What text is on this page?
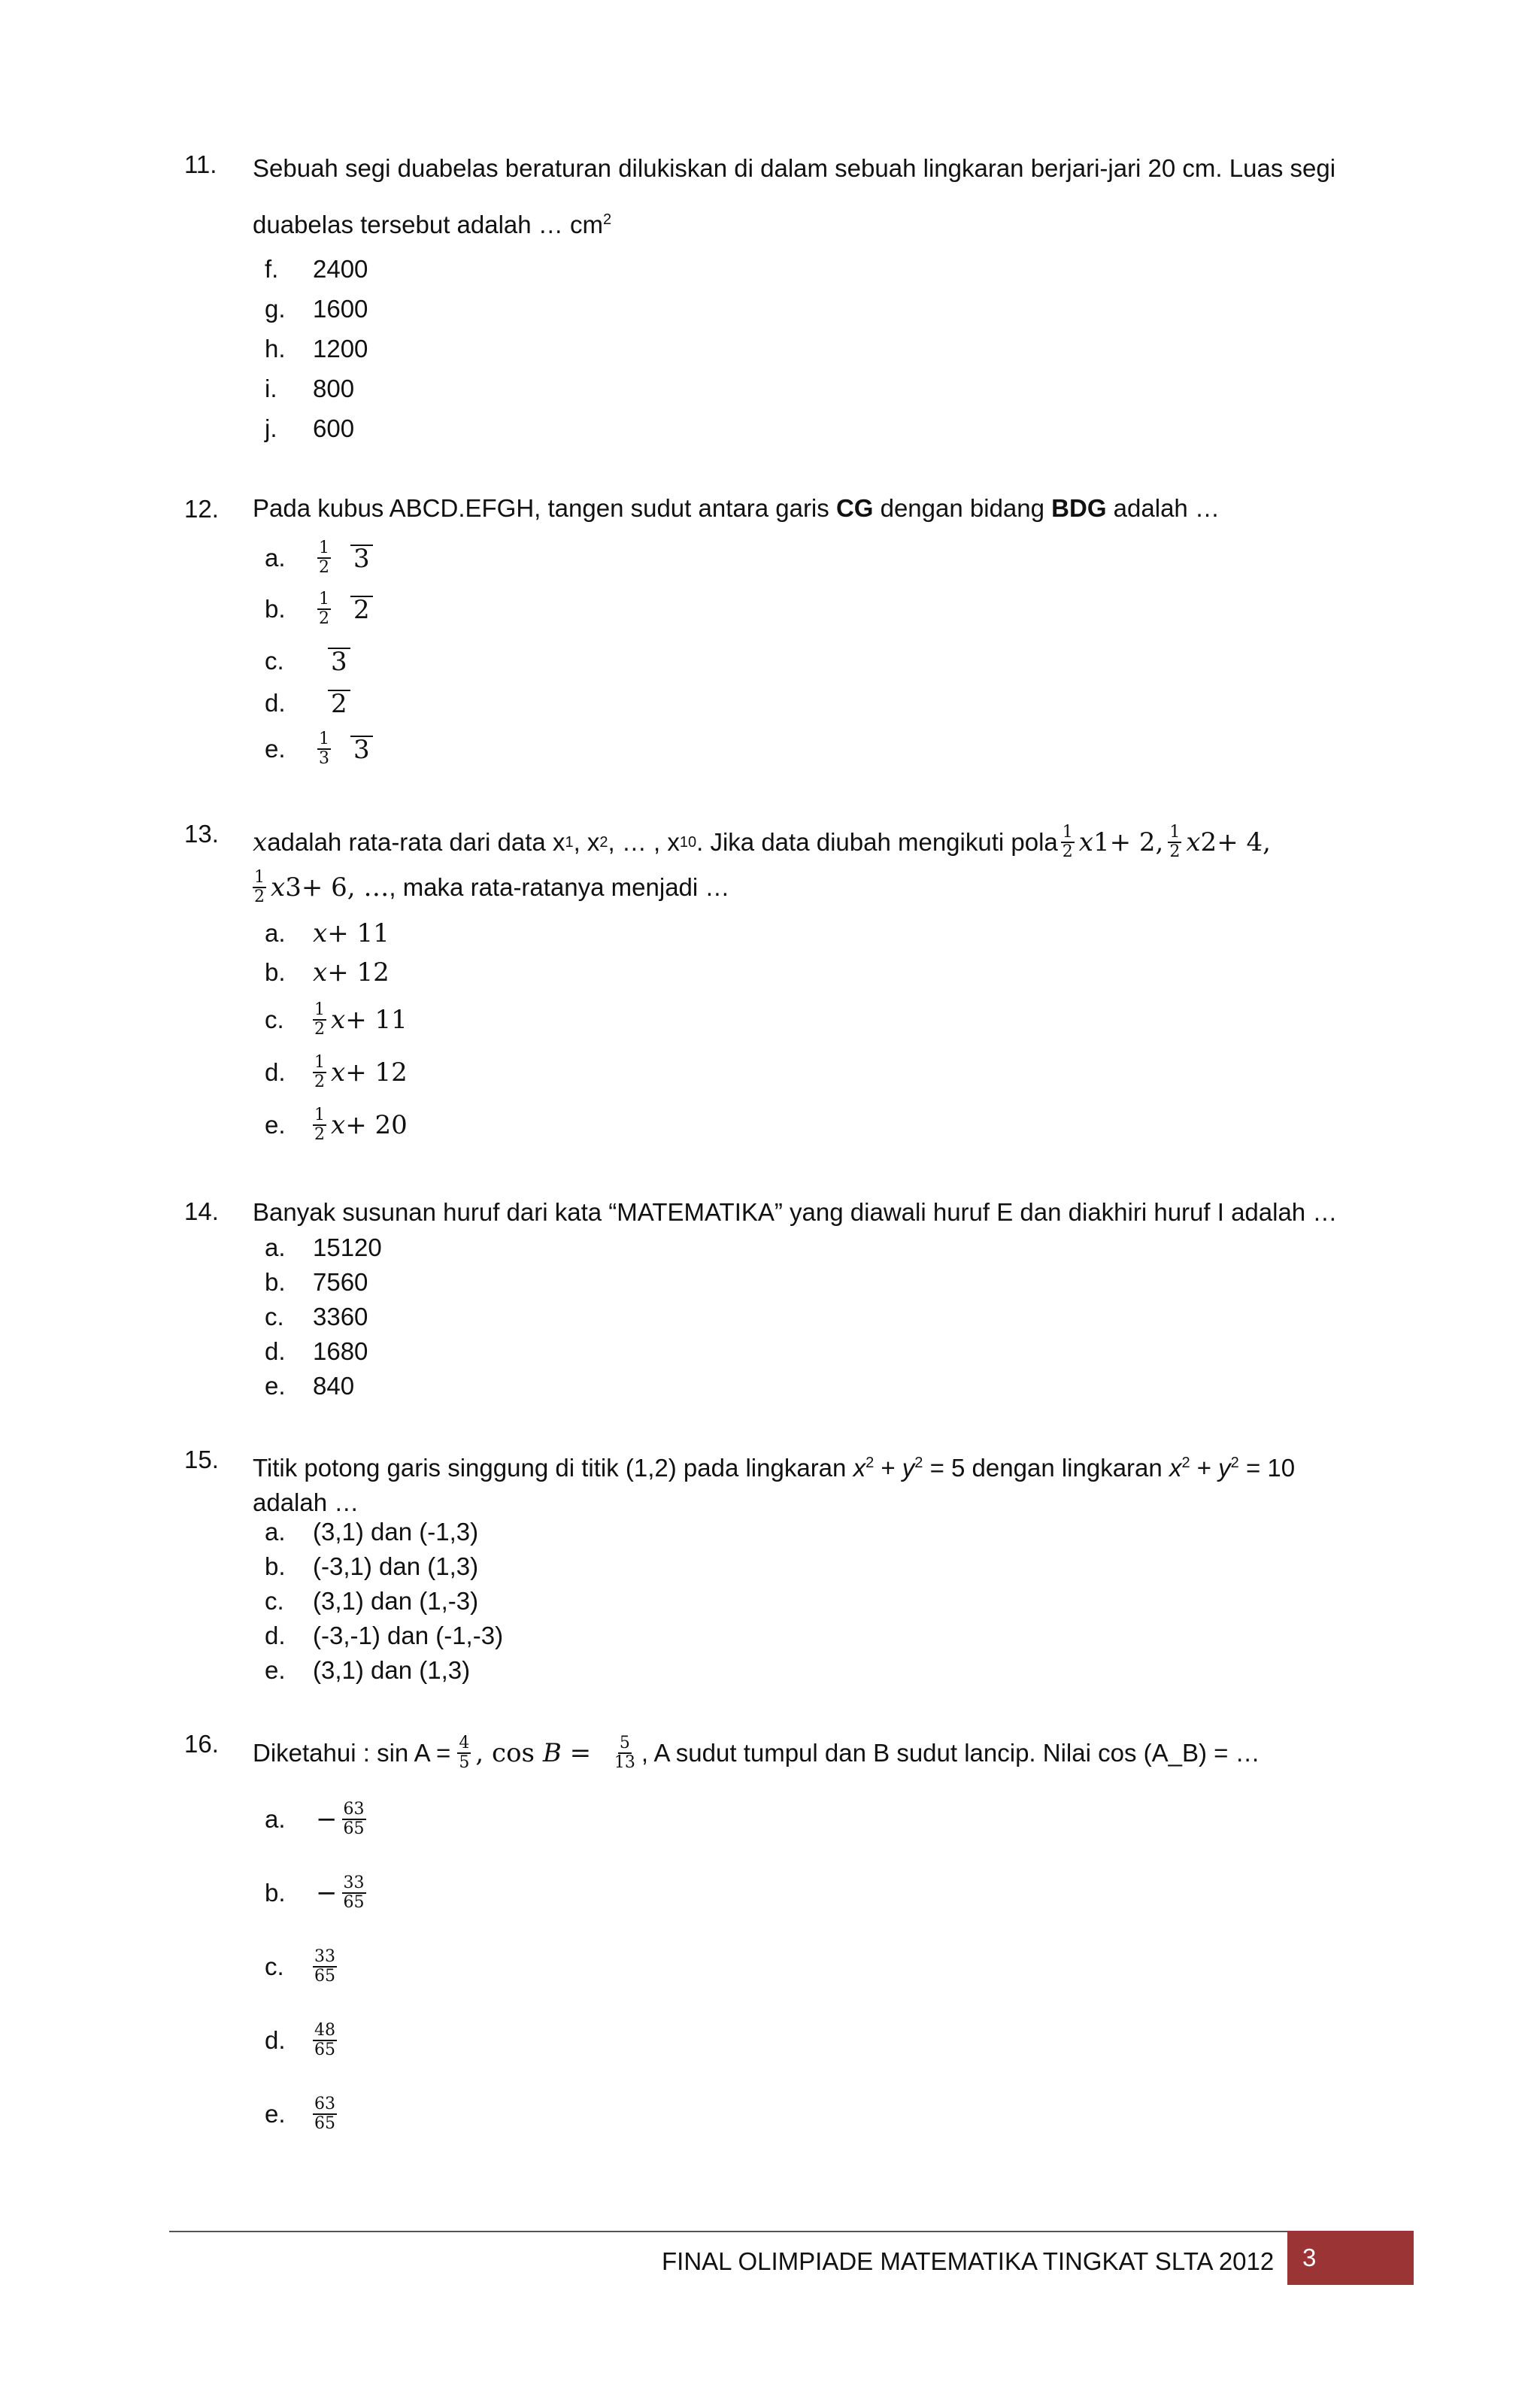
11. Sebuah segi duabelas beraturan dilukiskan di dalam sebuah lingkaran berjari-jari 20 cm. Luas segi
duabelas tersebut adalah … $cm^2$
f.	2400
g.	1600
h.	1200
i.	800
j.	600
12. Pada kubus ABCD.EFGH, tangen sudut antara garis CG dengan bidang BDG adalah …
a.	$\frac{1}{2} 3$
b.	$\frac{1}{2} 2$
c.	3
d.	2
e.	$\frac{1}{3} 3$
13. x adalah rata-rata dari data x 1 , x 2 , … , x 10 . Jika data diubah mengikuti pola $\frac{1}{2}$ x 1 + 2, $\frac{1}{2}$ x 2 + 4,
$\frac{1}{2}$ x 3 + 6, … , maka rata-ratanya menjadi …
a.	x + 11
b.	x + 12
c.	$\frac{1}{2}$ x + 11
d.	$\frac{1}{2}$ x + 12
e.	$\frac{1}{2}$ x + 20
14. Banyak susunan huruf dari kata “MATEMATIKA” yang diawali huruf E dan diakhiri huruf I adalah …
a.	15120
b.	7560
c.	3360
d.	1680
e.	840
15. Titik potong garis singgung di titik (1,2) pada lingkaran $x^2 + y^2 = 5$ dengan lingkaran $x^2 + y^2 = 10$
adalah …
a.	(3,1) dan (-1,3)
b.	(-3,1) dan (1,3)
c.	(3,1) dan (1,-3)
d.	(-3,-1) dan (-1,-3)
e.	(3,1) dan (1,3)
16. Diketahui : $\sin A = \frac{4}{5}$ , $\cos B = \frac{5}{13}$ , A sudut tumpul dan B sudut lancip. Nilai cos (A_B) = …
a.	− $\frac{63}{65}$
b.	− $\frac{33}{65}$
c.	$\frac{33}{65}$
d.	$\frac{48}{65}$
e.	$\frac{63}{65}$
FINAL OLIMPIADE MATEMATIKA TINGKAT SLTA 2012	3
